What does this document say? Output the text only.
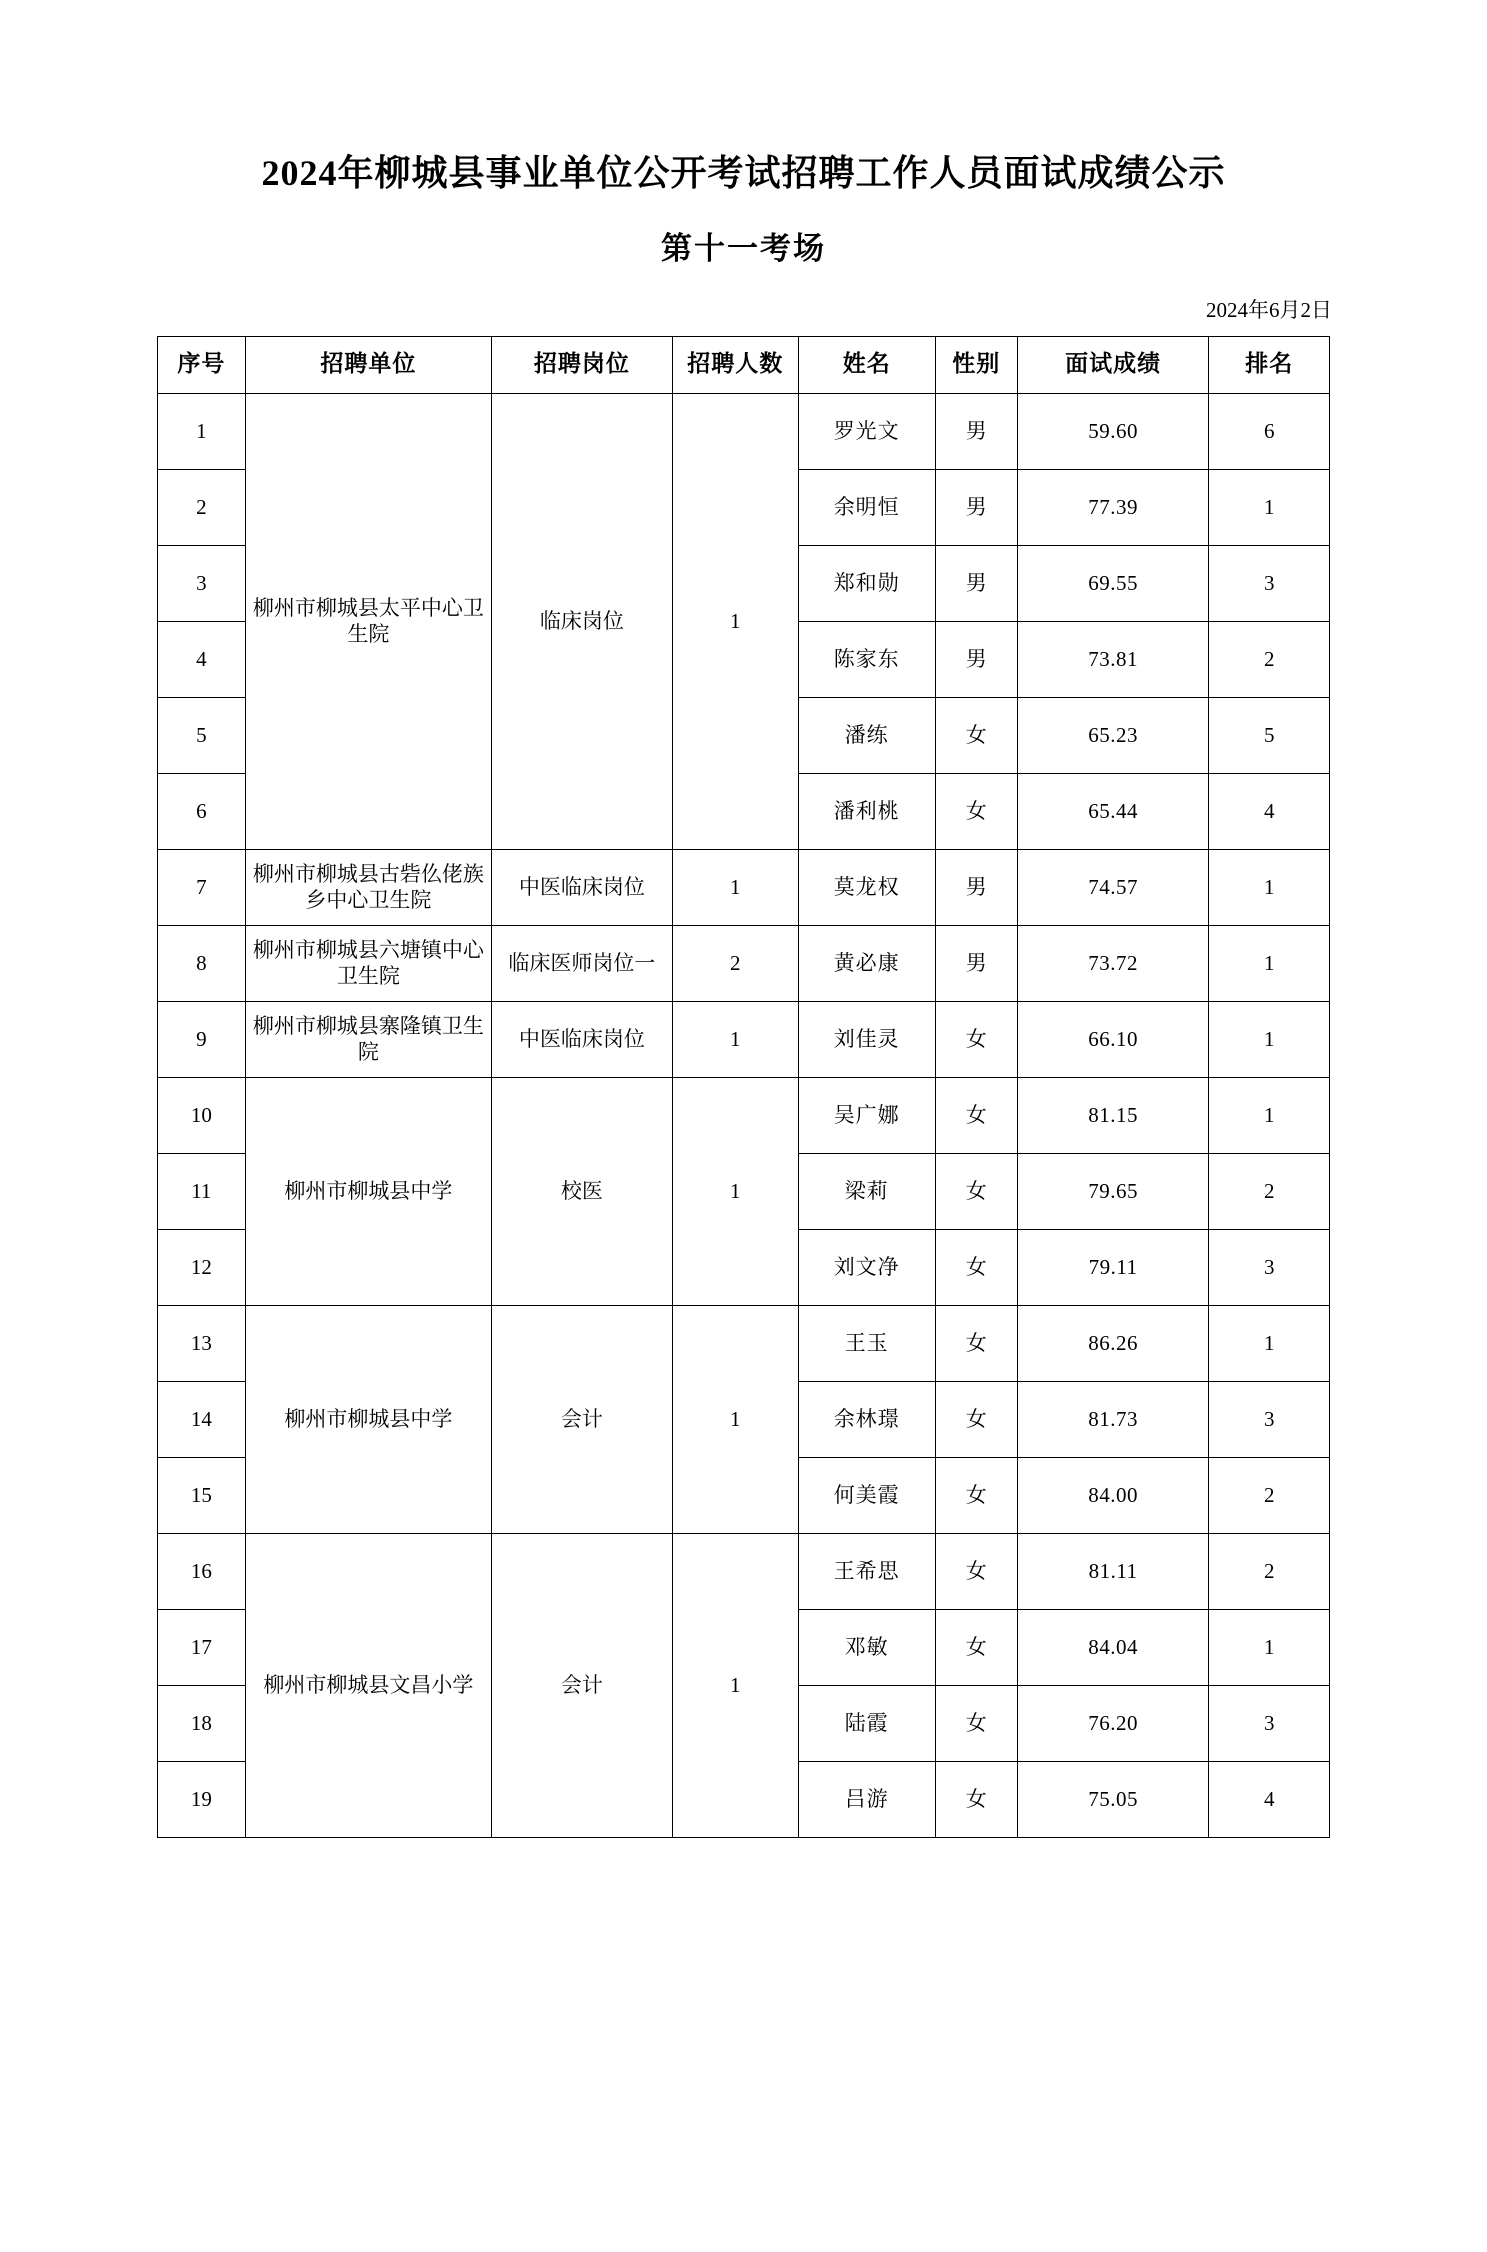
2024年柳城县事业单位公开考试招聘工作人员面试成绩公示
第十一考场
2024年6月2日
序号	招聘单位	招聘岗位	招聘人数	姓名	性别	面试成绩	排名
1	柳州市柳城县太平中心卫生院	临床岗位	1	罗光文	男	59.60	6
2				余明恒	男	77.39	1
3				郑和勋	男	69.55	3
4				陈家东	男	73.81	2
5				潘练	女	65.23	5
6				潘利桃	女	65.44	4
7	柳州市柳城县古砦仫佬族乡中心卫生院	中医临床岗位	1	莫龙权	男	74.57	1
8	柳州市柳城县六塘镇中心卫生院	临床医师岗位一	2	黄必康	男	73.72	1
9	柳州市柳城县寨隆镇卫生院	中医临床岗位	1	刘佳灵	女	66.10	1
10	柳州市柳城县中学	校医	1	吴广娜	女	81.15	1
11				梁莉	女	79.65	2
12				刘文净	女	79.11	3
13	柳州市柳城县中学	会计	1	王玉	女	86.26	1
14				余林璟	女	81.73	3
15				何美霞	女	84.00	2
16	柳州市柳城县文昌小学	会计	1	王希思	女	81.11	2
17				邓敏	女	84.04	1
18				陆霞	女	76.20	3
19				吕游	女	75.05	4
